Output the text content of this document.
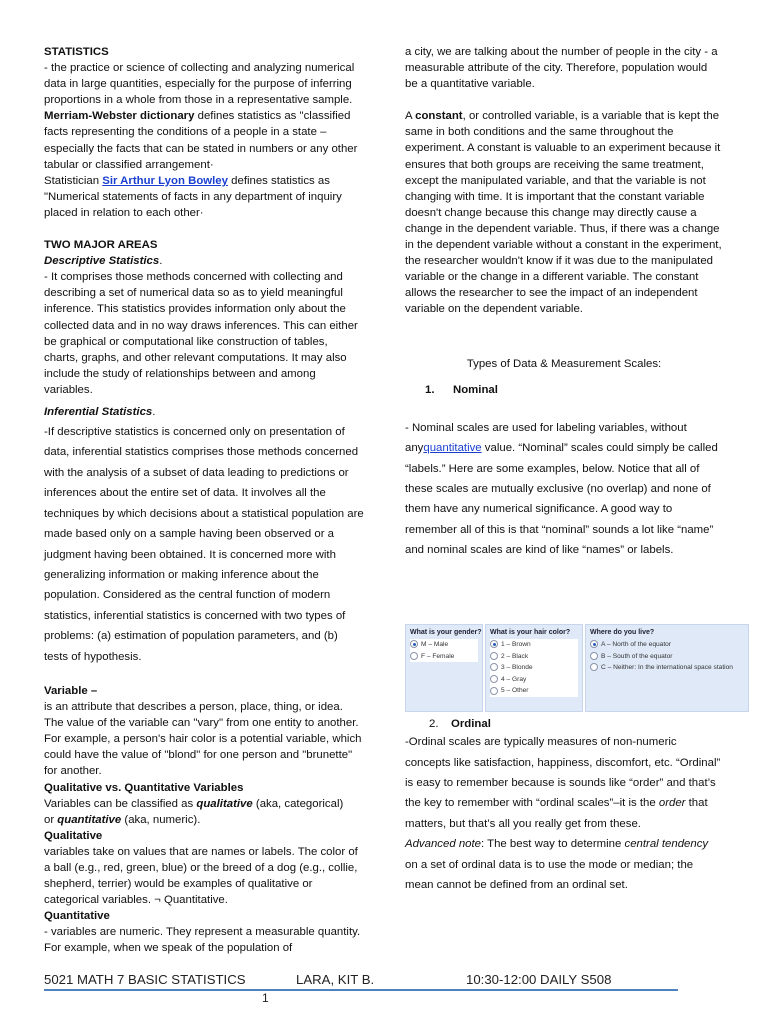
STATISTICS

- the practice or science of collecting and analyzing numerical data in large quantities, especially for the purpose of inferring proportions in a whole from those in a representative sample.

Merriam-Webster dictionary defines statistics as "classified facts representing the conditions of a people in a state – especially the facts that can be stated in numbers or any other tabular or classified arrangement·

Statistician Sir Arthur Lyon Bowley defines statistics as "Numerical statements of facts in any department of inquiry placed in relation to each other·

TWO MAJOR AREAS

Descriptive Statistics.

- It comprises those methods concerned with collecting and describing a set of numerical data so as to yield meaningful inference. This statistics provides information only about the collected data and in no way draws inferences. This can either be graphical or computational like construction of tables, charts, graphs, and other relevant computations. It may also include the study of relationships between and among variables.

Inferential Statistics.

-If descriptive statistics is concerned only on presentation of data, inferential statistics comprises those methods concerned with the analysis of a subset of data leading to predictions or inferences about the entire set of data. It involves all the techniques by which decisions about a statistical population are made based only on a sample having been observed or a judgment having been obtained. It is concerned more with generalizing information or making inference about the population. Considered as the central function of modern statistics, inferential statistics is concerned with two types of problems: (a) estimation of population parameters, and (b) tests of hypothesis.

Variable –

is an attribute that describes a person, place, thing, or idea. The value of the variable can "vary" from one entity to another. For example, a person's hair color is a potential variable, which could have the value of "blond" for one person and "brunette" for another.

Qualitative vs. Quantitative Variables

Variables can be classified as qualitative (aka, categorical)
or quantitative (aka, numeric).

Qualitative

variables take on values that are names or labels. The color of a ball (e.g., red, green, blue) or the breed of a dog (e.g., collie, shepherd, terrier) would be examples of qualitative or categorical variables. ¬ Quantitative.

Quantitative

- variables are numeric. They represent a measurable quantity. For example, when we speak of the population of

a city, we are talking about the number of people in the city - a measurable attribute of the city. Therefore, population would be a quantitative variable.

A constant, or controlled variable, is a variable that is kept the same in both conditions and the same throughout the experiment. A constant is valuable to an experiment because it ensures that both groups are receiving the same treatment, except the manipulated variable, and that the variable is not changing with time. It is important that the constant variable doesn't change because this change may directly cause a change in the dependent variable. Thus, if there was a change in the dependent variable without a constant in the experiment, the researcher wouldn't know if it was due to the manipulated variable or the change in a different variable. The constant allows the researcher to see the impact of an independent variable on the dependent variable.

Types of Data & Measurement Scales:

1. Nominal

- Nominal scales are used for labeling variables, without anyquantitative value. “Nominal” scales could simply be called “labels.” Here are some examples, below. Notice that all of these scales are mutually exclusive (no overlap) and none of them have any numerical significance. A good way to remember all of this is that “nominal” sounds a lot like “name” and nominal scales are kind of like “names” or labels.

What is your gender?
M – Male
F – Female
What is your hair color?
1 – Brown
2 – Black
3 – Blonde
4 – Gray
5 – Other
Where do you live?
A – North of the equator
B – South of the equator
C – Neither: In the international space station

2. Ordinal

-Ordinal scales are typically measures of non-numeric concepts like satisfaction, happiness, discomfort, etc. “Ordinal” is easy to remember because is sounds like “order” and that’s the key to remember with “ordinal scales”–it is the order that matters, but that’s all you really get from these.

Advanced note: The best way to determine central tendency on a set of ordinal data is to use the mode or median; the mean cannot be defined from an ordinal set.

5021 MATH 7 BASIC STATISTICS	LARA, KIT B.	10:30-12:00 DAILY S508
1
